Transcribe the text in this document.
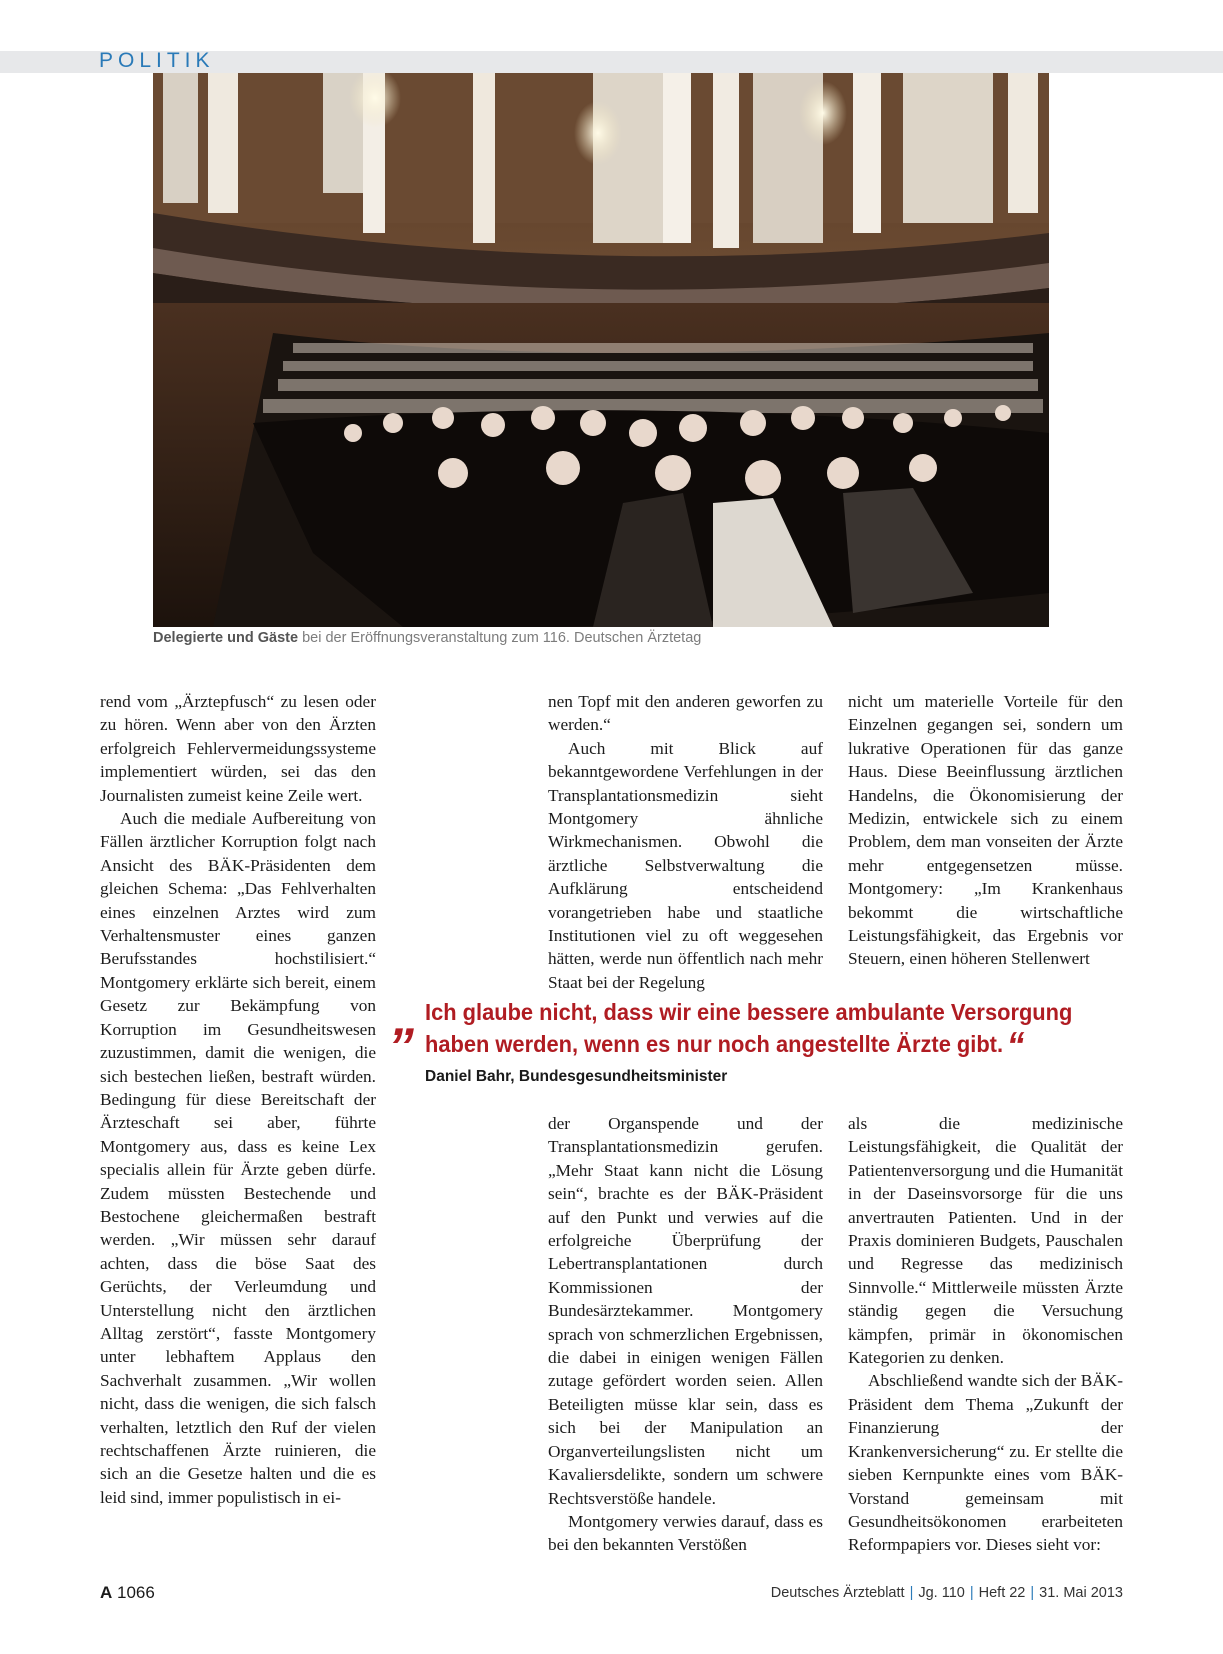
POLITIK
Delegierte und Gäste bei der Eröffnungsveranstaltung zum 116. Deutschen Ärztetag

rend vom „Ärztepfusch“ zu lesen oder zu hören. Wenn aber von den Ärzten erfolgreich Fehlervermeidungssysteme implementiert würden, sei das den Journalisten zumeist keine Zeile wert.

Auch die mediale Aufbereitung von Fällen ärztlicher Korruption folgt nach Ansicht des BÄK-Präsidenten dem gleichen Schema: „Das Fehlverhalten eines einzelnen Arztes wird zum Verhaltensmuster eines ganzen Berufsstandes hochstilisiert.“ Montgomery erklärte sich bereit, einem Gesetz zur Bekämpfung von Korruption im Gesundheitswesen zuzustimmen, damit die wenigen, die sich bestechen ließen, bestraft würden. Bedingung für diese Bereitschaft der Ärzteschaft sei aber, führte Montgomery aus, dass es keine Lex specialis allein für Ärzte geben dürfe. Zudem müssten Bestechende und Bestochene gleichermaßen bestraft werden. „Wir müssen sehr darauf achten, dass die böse Saat des Gerüchts, der Verleumdung und Unterstellung nicht den ärztlichen Alltag zerstört“, fasste Montgomery unter lebhaftem Applaus den Sachverhalt zusammen. „Wir wollen nicht, dass die wenigen, die sich falsch verhalten, letztlich den Ruf der vielen rechtschaffenen Ärzte ruinieren, die sich an die Gesetze halten und die es leid sind, immer populistisch in ei-

nen Topf mit den anderen geworfen zu werden.“

Auch mit Blick auf bekanntgewordene Verfehlungen in der Transplantationsmedizin sieht Montgomery ähnliche Wirkmechanismen. Obwohl die ärztliche Selbstverwaltung die Aufklärung entscheidend vorangetrieben habe und staatliche Institutionen viel zu oft weggesehen hätten, werde nun öffentlich nach mehr Staat bei der Regelung

nicht um materielle Vorteile für den Einzelnen gegangen sei, sondern um lukrative Operationen für das ganze Haus. Diese Beeinflussung ärztlichen Handelns, die Ökonomisierung der Medizin, entwickele sich zu einem Problem, dem man vonseiten der Ärzte mehr entgegensetzen müsse. Montgomery: „Im Krankenhaus bekommt die wirtschaftliche Leistungsfähigkeit, das Ergebnis vor Steuern, einen höheren Stellenwert

„ Ich glaube nicht, dass wir eine bessere ambulante Versorgung haben werden, wenn es nur noch angestellte Ärzte gibt.“
Daniel Bahr, Bundesgesundheitsminister

der Organspende und der Transplantationsmedizin gerufen. „Mehr Staat kann nicht die Lösung sein“, brachte es der BÄK-Präsident auf den Punkt und verwies auf die erfolgreiche Überprüfung der Lebertransplantationen durch Kommissionen der Bundesärztekammer. Montgomery sprach von schmerzlichen Ergebnissen, die dabei in einigen wenigen Fällen zutage gefördert worden seien. Allen Beteiligten müsse klar sein, dass es sich bei der Manipulation an Organverteilungslisten nicht um Kavaliersdelikte, sondern um schwere Rechtsverstöße handele.

Montgomery verwies darauf, dass es bei den bekannten Verstößen

als die medizinische Leistungsfähigkeit, die Qualität der Patientenversorgung und die Humanität in der Daseinsvorsorge für die uns anvertrauten Patienten. Und in der Praxis dominieren Budgets, Pauschalen und Regresse das medizinisch Sinnvolle.“ Mittlerweile müssten Ärzte ständig gegen die Versuchung kämpfen, primär in ökonomischen Kategorien zu denken.

Abschließend wandte sich der BÄK-Präsident dem Thema „Zukunft der Finanzierung der Krankenversicherung“ zu. Er stellte die sieben Kernpunkte eines vom BÄK-Vorstand gemeinsam mit Gesundheitsökonomen erarbeiteten Reformpapiers vor. Dieses sieht vor:

A 1066	Deutsches Ärzteblatt | Jg. 110 | Heft 22 | 31. Mai 2013
